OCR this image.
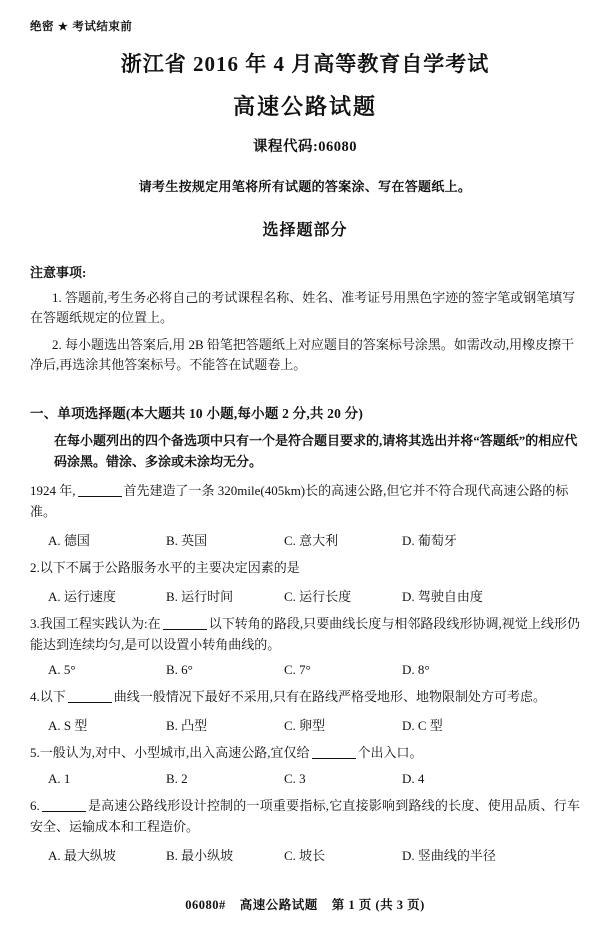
绝密 ★ 考试结束前
浙江省 2016 年 4 月高等教育自学考试
高速公路试题
课程代码:06080
请考生按规定用笔将所有试题的答案涂、写在答题纸上。
选择题部分
注意事项:
1. 答题前,考生务必将自己的考试课程名称、姓名、准考证号用黑色字迹的签字笔或钢笔填写在答题纸规定的位置上。
2. 每小题选出答案后,用 2B 铅笔把答题纸上对应题目的答案标号涂黑。如需改动,用橡皮擦干净后,再选涂其他答案标号。不能答在试题卷上。
一、单项选择题(本大题共 10 小题,每小题 2 分,共 20 分)
在每小题列出的四个备选项中只有一个是符合题目要求的,请将其选出并将“答题纸”的相应代码涂黑。错涂、多涂或未涂均无分。
1924 年,	首先建造了一条 320mile(405km)长的高速公路,但它并不符合现代高速公路的标准。
A. 德国	B. 英国	C. 意大利	D. 葡萄牙
2.以下不属于公路服务水平的主要决定因素的是
A. 运行速度	B. 运行时间	C. 运行长度	D. 驾驶自由度
3.我国工程实践认为:在	以下转角的路段,只要曲线长度与相邻路段线形协调,视觉上线形仍能达到连续均匀,是可以设置小转角曲线的。
A. 5°	B. 6°	C. 7°	D. 8°
4.以下	曲线一般情况下最好不采用,只有在路线严格受地形、地物限制处方可考虑。
A. S 型	B. 凸型	C. 卵型	D. C 型
5.一般认为,对中、小型城市,出入高速公路,宜仅给	个出入口。
A. 1	B. 2	C. 3	D. 4
6.	是高速公路线形设计控制的一项重要指标,它直接影响到路线的长度、使用品质、行车安全、运输成本和工程造价。
A. 最大纵坡	B. 最小纵坡	C. 坡长	D. 竖曲线的半径
06080# 高速公路试题 第 1 页 (共 3 页)
